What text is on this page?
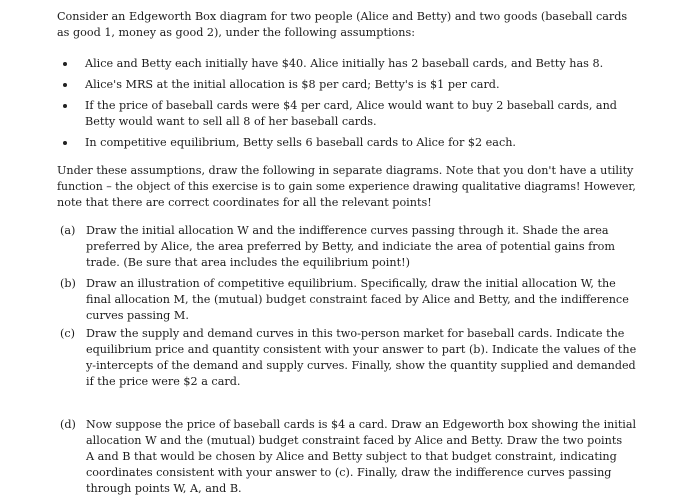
Consider an Edgeworth Box diagram for two people (Alice and Betty) and two goods (baseball cards
as good 1, money as good 2), under the following assumptions:
Alice and Betty each initially have $40. Alice initially has 2 baseball cards, and Betty has 8.
Alice's MRS at the initial allocation is $8 per card; Betty's is $1 per card.
If the price of baseball cards were $4 per card, Alice would want to buy 2 baseball cards, and
Betty would want to sell all 8 of her baseball cards.
In competitive equilibrium, Betty sells 6 baseball cards to Alice for $2 each.
Under these assumptions, draw the following in separate diagrams. Note that you don't have a utility
function – the object of this exercise is to gain some experience drawing qualitative diagrams! However,
note that there are correct coordinates for all the relevant points!
(a) Draw the initial allocation W and the indifference curves passing through it. Shade the area
preferred by Alice, the area preferred by Betty, and indiciate the area of potential gains from
trade. (Be sure that area includes the equilibrium point!)
(b) Draw an illustration of competitive equilibrium. Specifically, draw the initial allocation W, the
final allocation M, the (mutual) budget constraint faced by Alice and Betty, and the indifference
curves passing M.
(c) Draw the supply and demand curves in this two-person market for baseball cards. Indicate the
equilibrium price and quantity consistent with your answer to part (b). Indicate the values of the
y-intercepts of the demand and supply curves. Finally, show the quantity supplied and demanded
if the price were $2 a card.
(d) Now suppose the price of baseball cards is $4 a card. Draw an Edgeworth box showing the initial
allocation W and the (mutual) budget constraint faced by Alice and Betty. Draw the two points
A and B that would be chosen by Alice and Betty subject to that budget constraint, indicating
coordinates consistent with your answer to (c). Finally, draw the indifference curves passing
through points W, A, and B.
